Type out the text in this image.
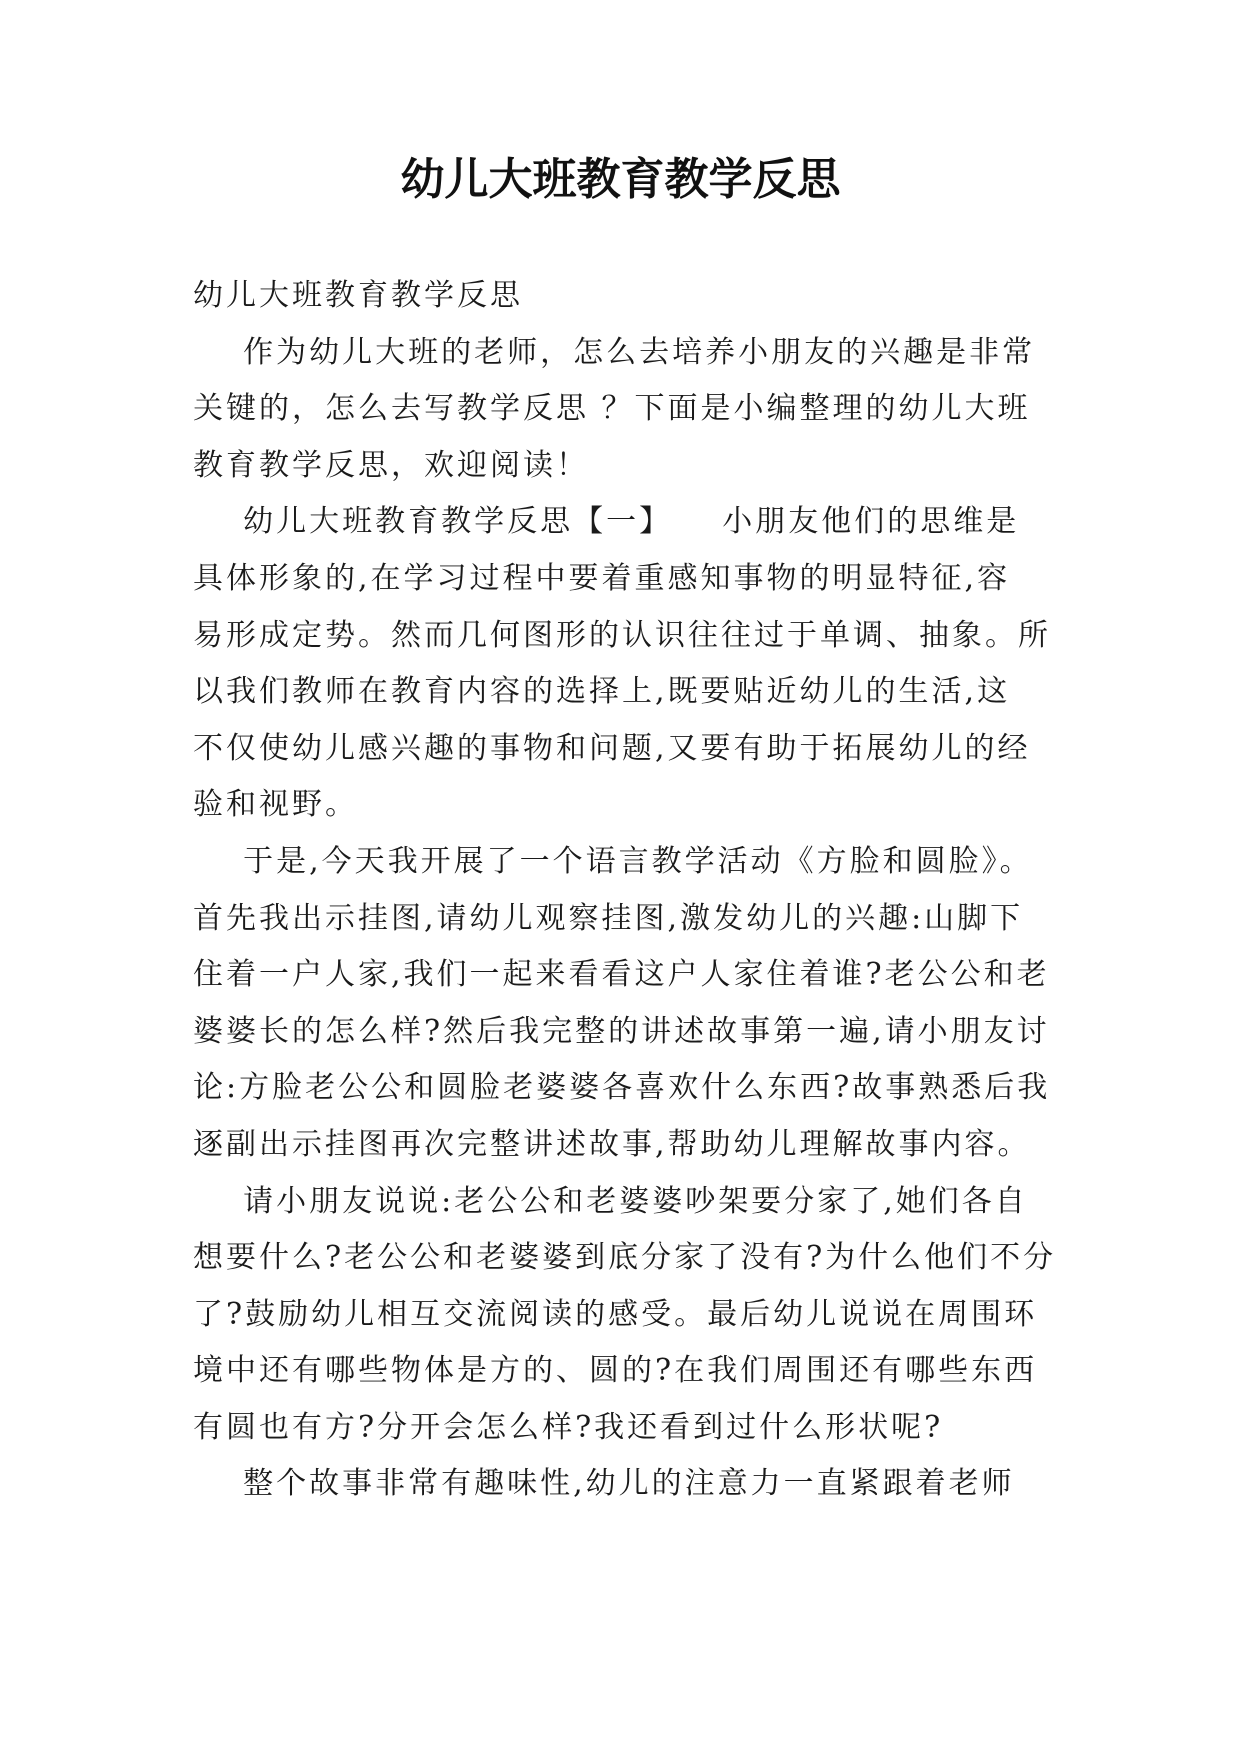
幼儿大班教育教学反思
幼儿大班教育教学反思
作为幼儿大班的老师，怎么去培养小朋友的兴趣是非常
关键的，怎么去写教学反思 ？下面是小编整理的幼儿大班
教育教学反思，欢迎阅读！
幼儿大班教育教学反思【一】    小朋友他们的思维是
具体形象的,在学习过程中要着重感知事物的明显特征,容
易形成定势。然而几何图形的认识往往过于单调、抽象。所
以我们教师在教育内容的选择上,既要贴近幼儿的生活,这
不仅使幼儿感兴趣的事物和问题,又要有助于拓展幼儿的经
验和视野。
于是,今天我开展了一个语言教学活动《方脸和圆脸》。
首先我出示挂图,请幼儿观察挂图,激发幼儿的兴趣:山脚下
住着一户人家,我们一起来看看这户人家住着谁?老公公和老
婆婆长的怎么样?然后我完整的讲述故事第一遍,请小朋友讨
论:方脸老公公和圆脸老婆婆各喜欢什么东西?故事熟悉后我
逐副出示挂图再次完整讲述故事,帮助幼儿理解故事内容。
请小朋友说说:老公公和老婆婆吵架要分家了,她们各自
想要什么?老公公和老婆婆到底分家了没有?为什么他们不分
了?鼓励幼儿相互交流阅读的感受。最后幼儿说说在周围环
境中还有哪些物体是方的、圆的?在我们周围还有哪些东西
有圆也有方?分开会怎么样?我还看到过什么形状呢?
整个故事非常有趣味性,幼儿的注意力一直紧跟着老师
